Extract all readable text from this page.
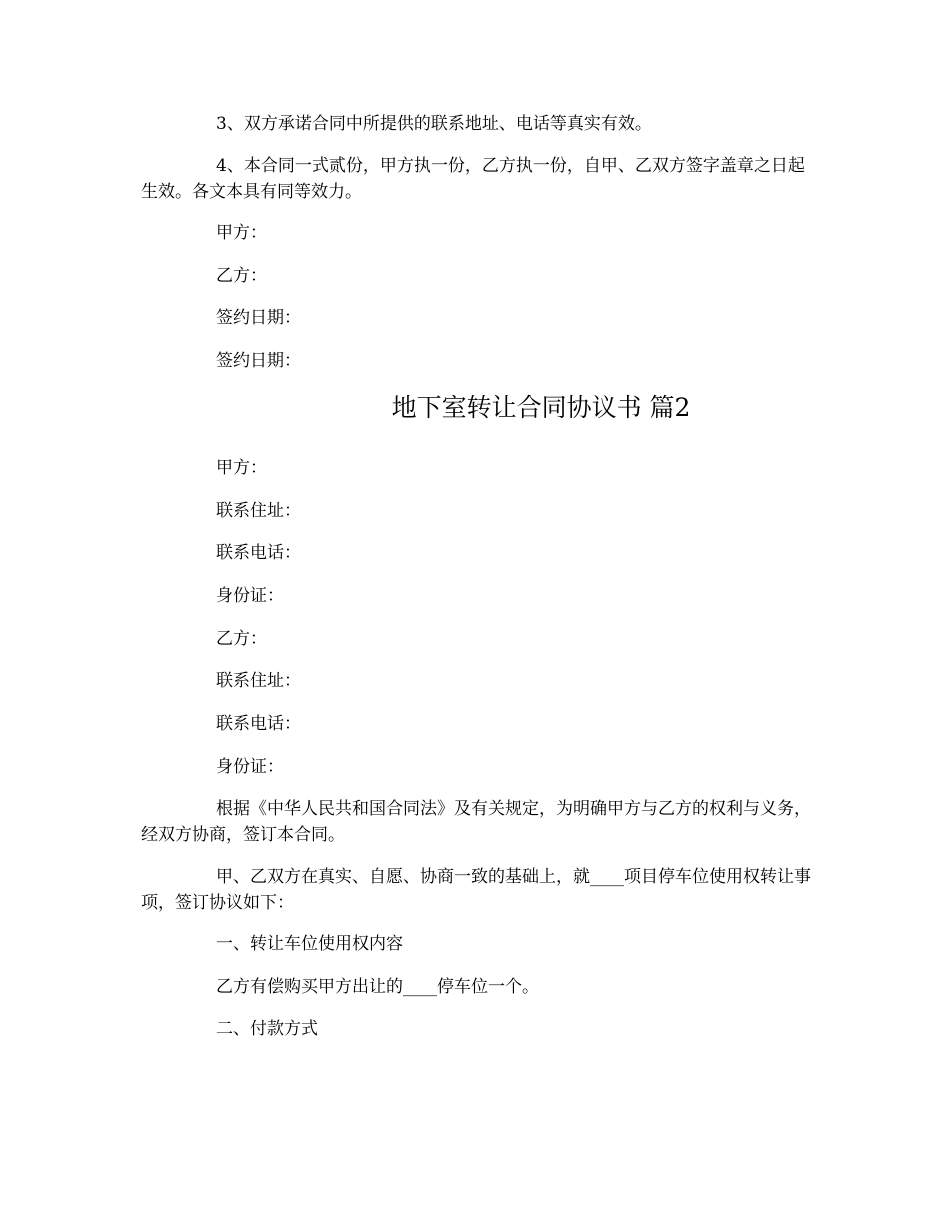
3、双方承诺合同中所提供的联系地址、电话等真实有效。

4、本合同一式贰份，甲方执一份，乙方执一份，自甲、乙双方签字盖章之日起生效。各文本具有同等效力。

甲方：

乙方：

签约日期：

签约日期：

地下室转让合同协议书 篇2

甲方：

联系住址：

联系电话：

身份证：

乙方：

联系住址：

联系电话：

身份证：

根据《中华人民共和国合同法》及有关规定，为明确甲方与乙方的权利与义务，经双方协商，签订本合同。

甲、乙双方在真实、自愿、协商一致的基础上，就____项目停车位使用权转让事项，签订协议如下：

一、转让车位使用权内容

乙方有偿购买甲方出让的____停车位一个。

二、付款方式
